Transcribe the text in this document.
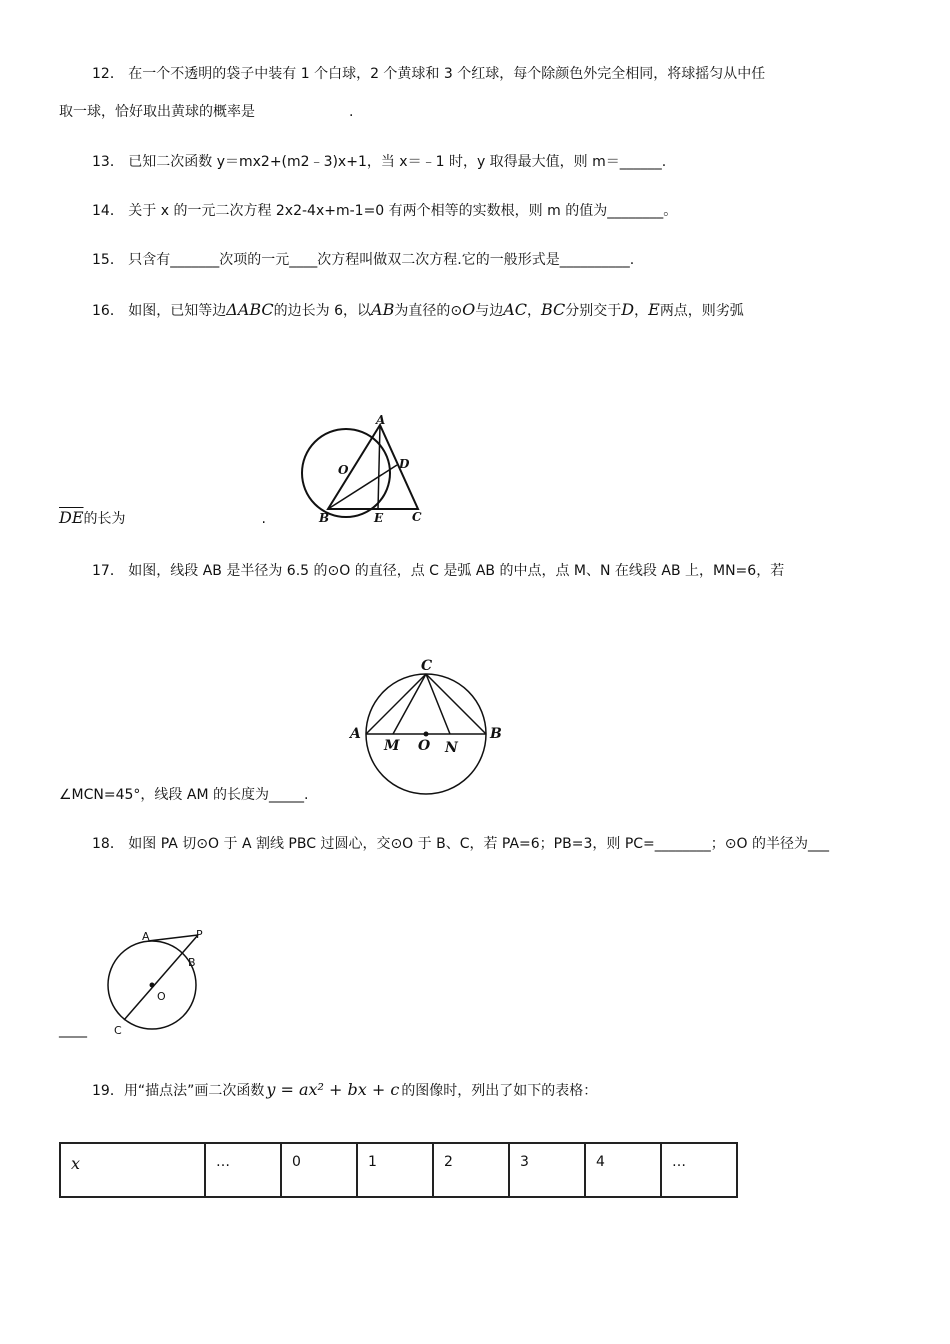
12． 在一个不透明的袋子中装有 1 个白球，2 个黄球和 3 个红球，每个除颜色外完全相同，将球摇匀从中任
取一球，恰好取出黄球的概率是	.
13． 已知二次函数 y＝mx2+(m2﹣3)x+1，当 x＝﹣1 时，y 取得最大值，则 m＝______.
14． 关于 x 的一元二次方程 2x2-4x+m-1=0 有两个相等的实数根，则 m 的值为________。
15． 只含有_______次项的一元____次方程叫做双二次方程.它的一般形式是__________.
16． 如图，已知等边ΔABC的边长为 6，以AB为直径的⊙O与边AC，BC分别交于D，E两点，则劣弧
A
O	D
B	E C
$\overline{DE}$的长为	.
17． 如图，线段 AB 是半径为 6.5 的⊙O 的直径，点 C 是弧 AB 的中点，点 M、N 在线段 AB 上，MN=6，若
C
A
M O N
B
∠MCN=45°，线段 AM 的长度为_____.
18． 如图 PA 切⊙O 于 A 割线 PBC 过圆心，交⊙O 于 B、C，若 PA=6；PB=3，则 PC=________；⊙O 的半径为___
A	P
B
O
C
____
19．用“描点法”画二次函数 y = ax² + bx + c 的图像时，列出了如下的表格：
x	…	0	1	2	3	4	…
